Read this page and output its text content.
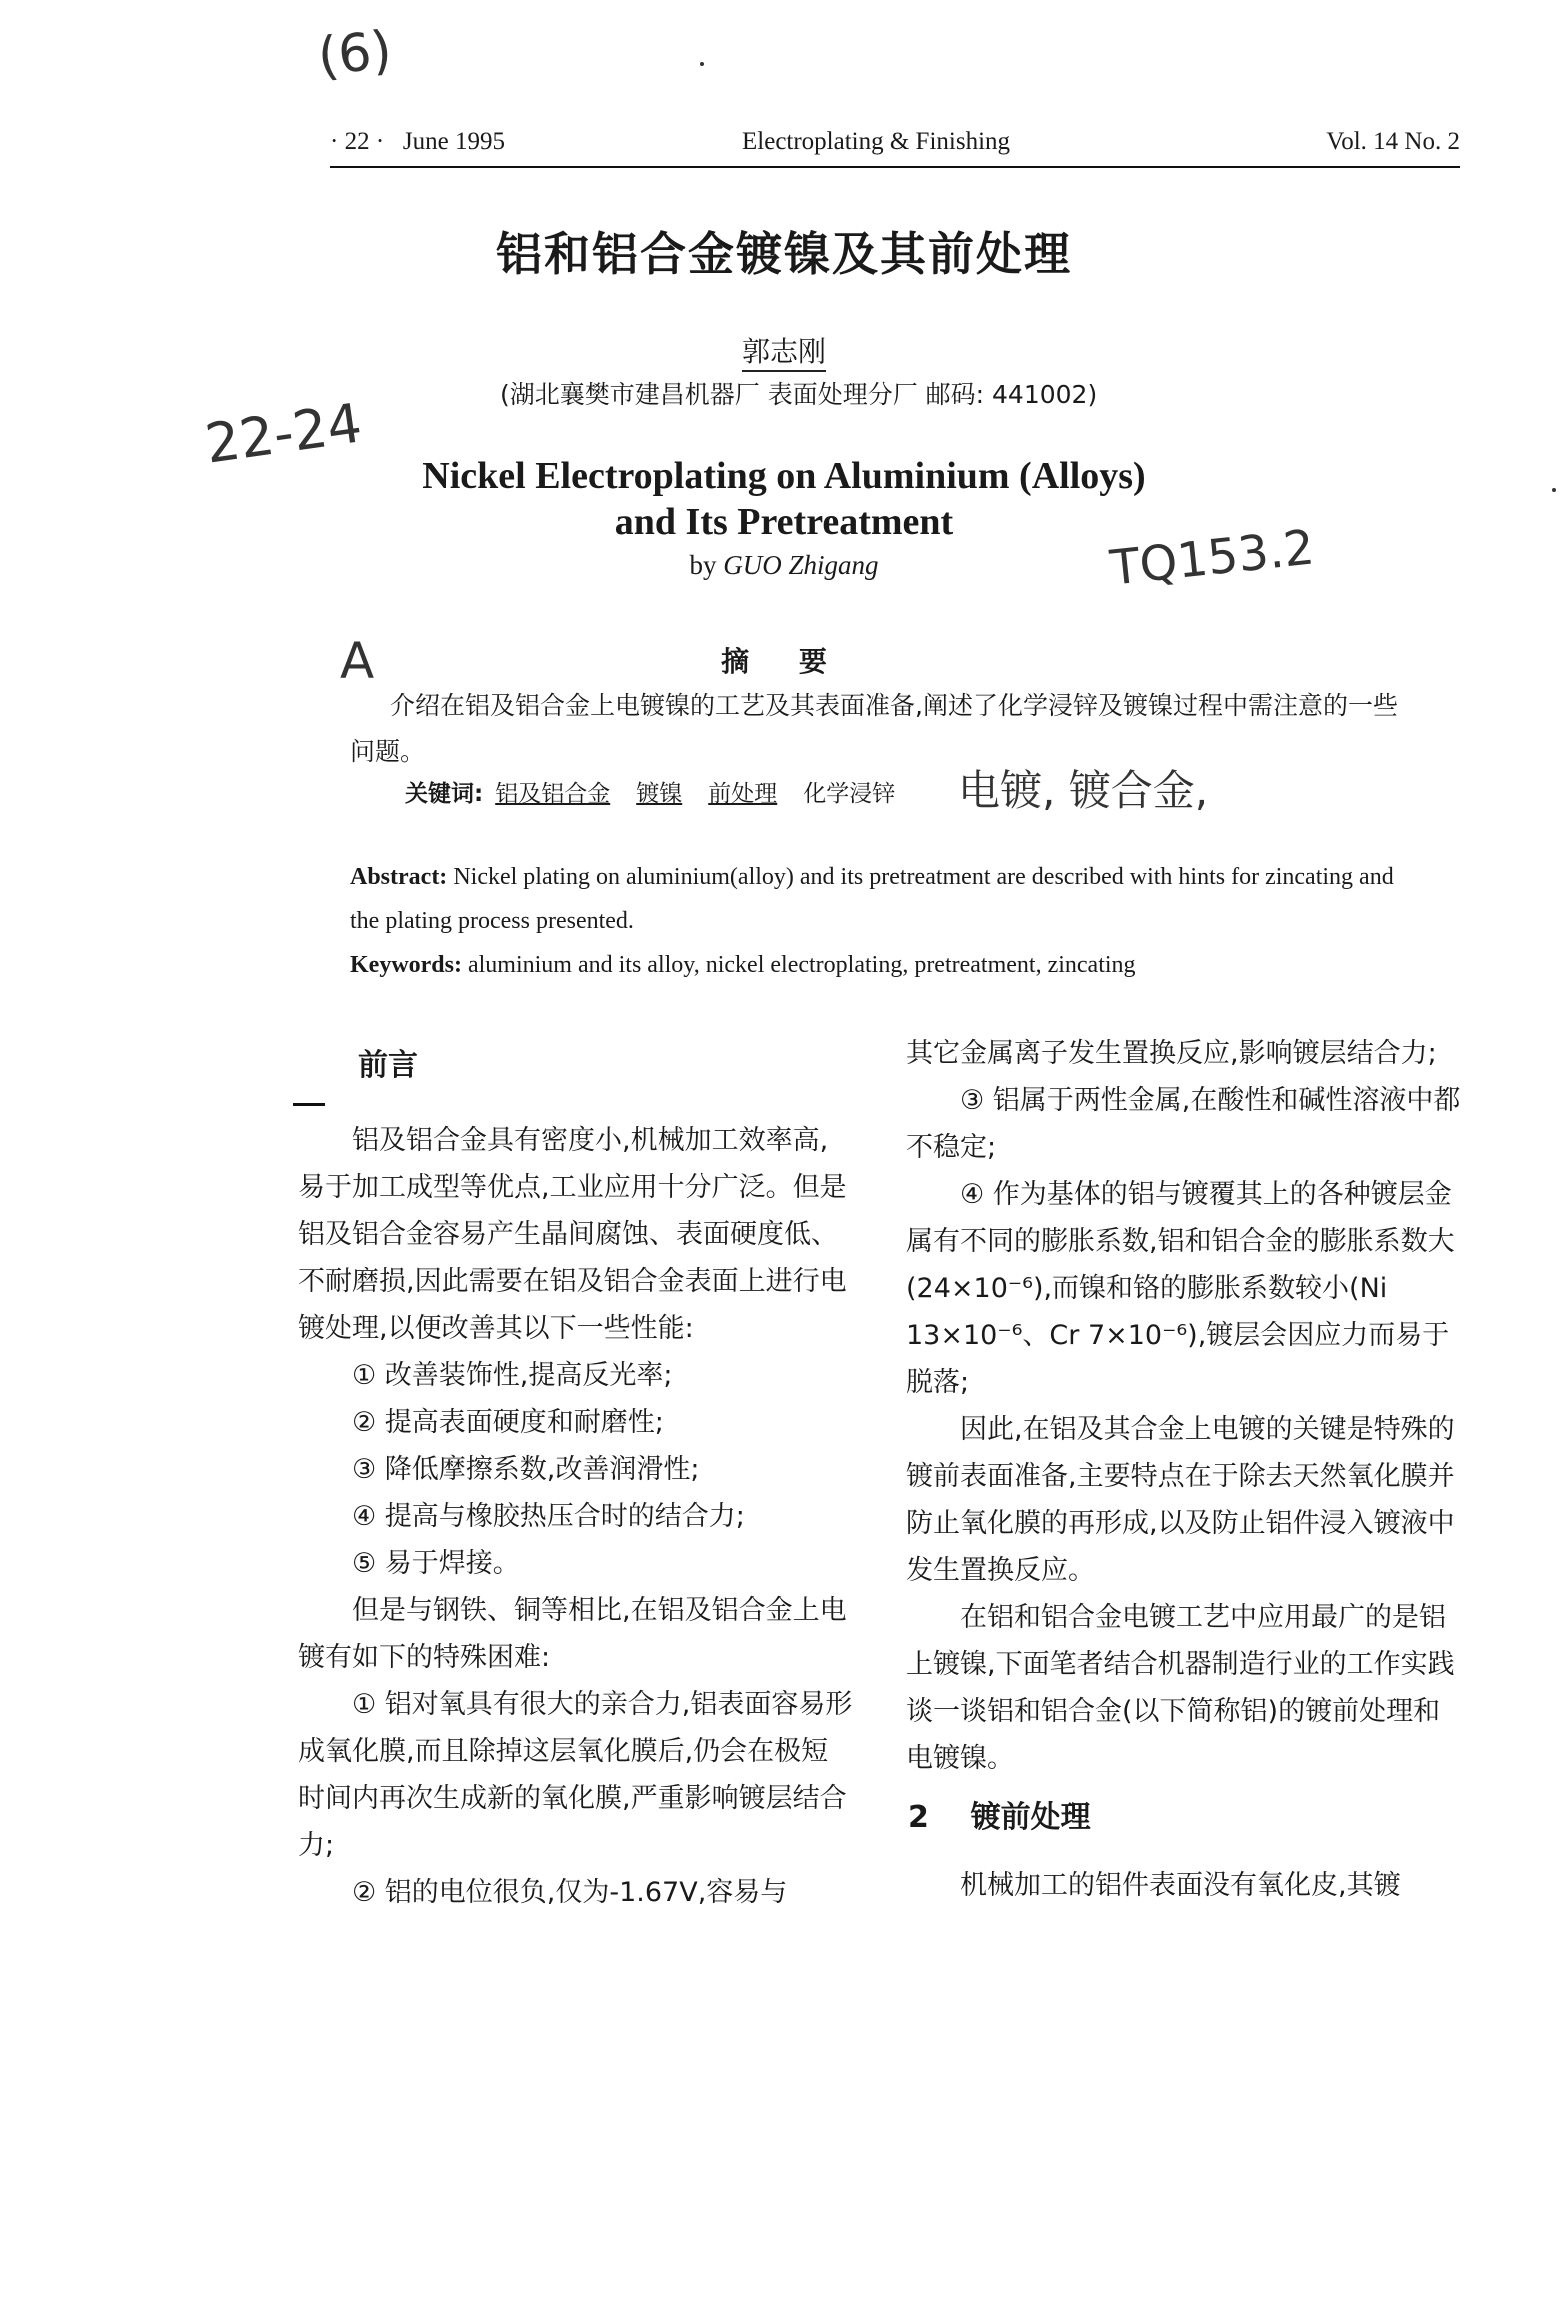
(6)
· 22 · June 1995	Electroplating & Finishing	Vol. 14 No. 2
铝和铝合金镀镍及其前处理
郭志刚
(湖北襄樊市建昌机器厂 表面处理分厂 邮码: 441002)
22-24
Nickel Electroplating on Aluminium (Alloys)
and Its Pretreatment
by GUO Zhigang	TQ153.2
A	摘 要
介绍在铝及铝合金上电镀镍的工艺及其表面准备,阐述了化学浸锌及镀镍过程中需注意的一些问题。
关键词: 铝及铝合金 镀镍 前处理 化学浸锌 电镀, 镀合金,
Abstract: Nickel plating on aluminium(alloy) and its pretreatment are described with hints for zincating and the plating process presented.
Keywords: aluminium and its alloy, nickel electroplating, pretreatment, zincating
前言

铝及铝合金具有密度小,机械加工效率高,易于加工成型等优点,工业应用十分广泛。但是铝及铝合金容易产生晶间腐蚀、表面硬度低、不耐磨损,因此需要在铝及铝合金表面上进行电镀处理,以便改善其以下一些性能:

① 改善装饰性,提高反光率;

② 提高表面硬度和耐磨性;

③ 降低摩擦系数,改善润滑性;

④ 提高与橡胶热压合时的结合力;

⑤ 易于焊接。

但是与钢铁、铜等相比,在铝及铝合金上电镀有如下的特殊困难:

① 铝对氧具有很大的亲合力,铝表面容易形成氧化膜,而且除掉这层氧化膜后,仍会在极短时间内再次生成新的氧化膜,严重影响镀层结合力;

② 铝的电位很负,仅为-1.67V,容易与

其它金属离子发生置换反应,影响镀层结合力;

③ 铝属于两性金属,在酸性和碱性溶液中都不稳定;

④ 作为基体的铝与镀覆其上的各种镀层金属有不同的膨胀系数,铝和铝合金的膨胀系数大(24×10⁻⁶),而镍和铬的膨胀系数较小(Ni 13×10⁻⁶、Cr 7×10⁻⁶),镀层会因应力而易于脱落;

因此,在铝及其合金上电镀的关键是特殊的镀前表面准备,主要特点在于除去天然氧化膜并防止氧化膜的再形成,以及防止铝件浸入镀液中发生置换反应。

在铝和铝合金电镀工艺中应用最广的是铝上镀镍,下面笔者结合机器制造行业的工作实践谈一谈铝和铝合金(以下简称铝)的镀前处理和电镀镍。

2 镀前处理

机械加工的铝件表面没有氧化皮,其镀
